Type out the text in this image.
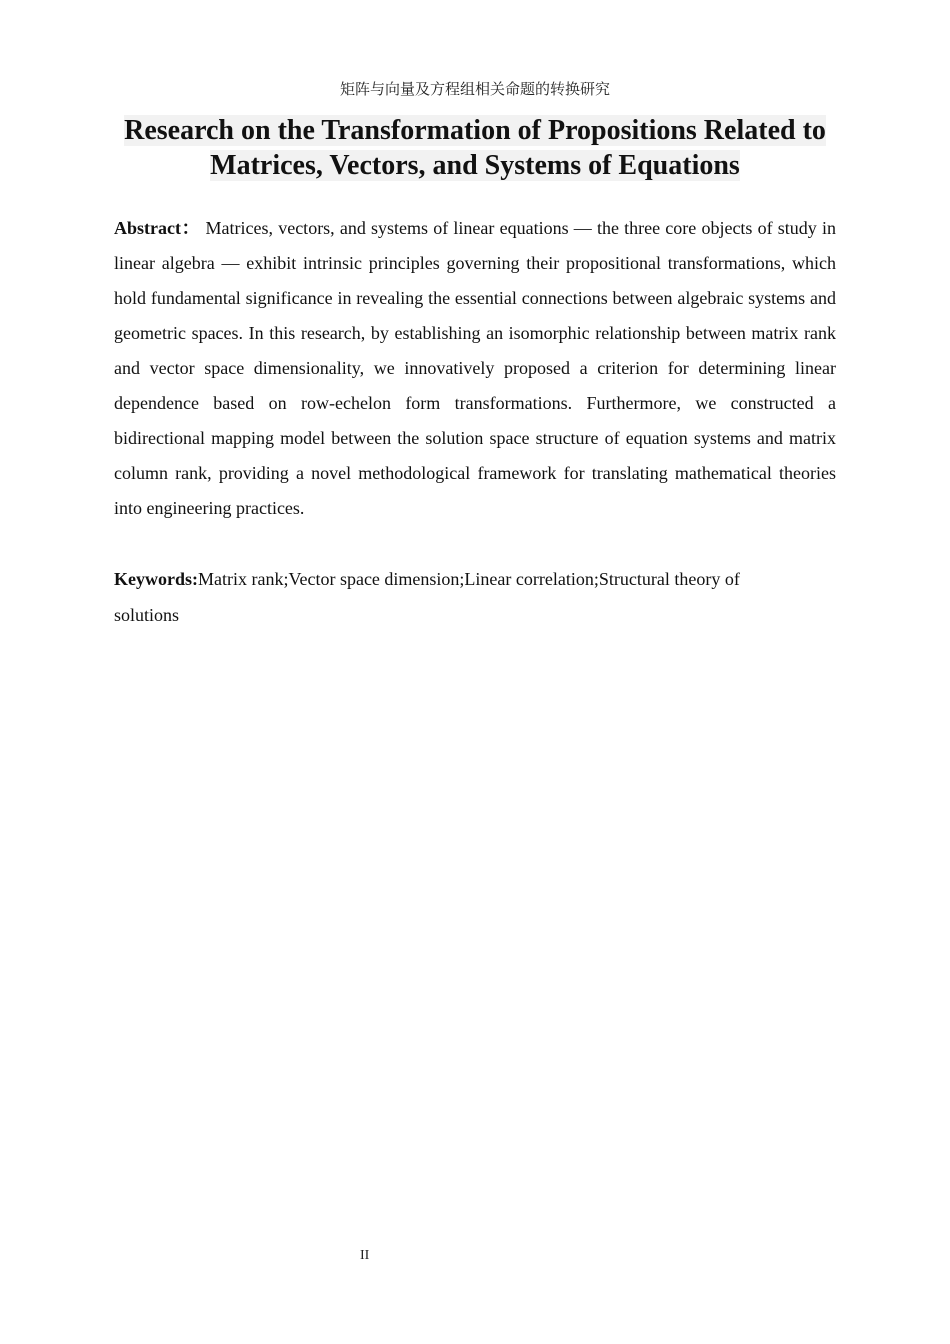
矩阵与向量及方程组相关命题的转换研究
Research on the Transformation of Propositions Related to Matrices, Vectors, and Systems of Equations

Abstract： Matrices, vectors, and systems of linear equations — the three core objects of study in linear algebra — exhibit intrinsic principles governing their propositional transformations, which hold fundamental significance in revealing the essential connections between algebraic systems and geometric spaces. In this research, by establishing an isomorphic relationship between matrix rank and vector space dimensionality, we innovatively proposed a criterion for determining linear dependence based on row-echelon form transformations. Furthermore, we constructed a bidirectional mapping model between the solution space structure of equation systems and matrix column rank, providing a novel methodological framework for translating mathematical theories into engineering practices.

Keywords:Matrix rank;Vector space dimension;Linear correlation;Structural theory of solutions

II
